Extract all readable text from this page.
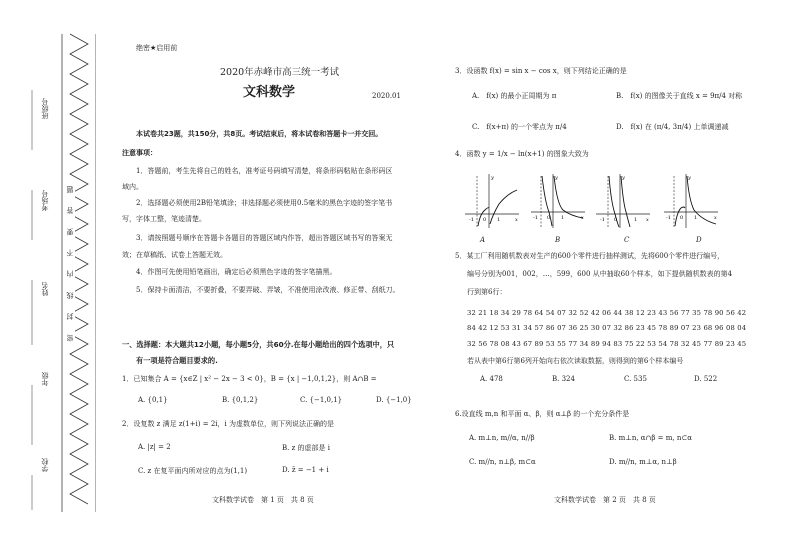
班级号
考场号
姓名
年级
学校
密 封 线 内 不 要 答 题
绝密★启用前
2020年赤峰市高三统一考试
文科数学	2020.01
本试卷共23题，共150分，共8页。考试结束后，将本试卷和答题卡一并交回。
注意事项：
1．答题前，考生先将自己的姓名，准考证号码填写清楚，将条形码粘贴在条形码区
域内。
2．选择题必须使用2B铅笔填涂；非选择题必须使用0.5毫米的黑色字迹的签字笔书
写，字体工整，笔迹清楚。
3．请按照题号顺序在答题卡各题目的答题区域内作答，超出答题区域书写的答案无
效；在草稿纸、试卷上答题无效。
4．作图可先使用铅笔画出，确定后必须黑色字迹的签字笔描黑。
5．保持卡面清洁，不要折叠，不要弄破、弄皱，不准使用涂改液、修正带、刮纸刀。
一、选择题：本大题共12小题，每小题5分，共60分.在每小题给出的四个选项中，只
有一项是符合题目要求的.
1．已知集合 A = {x∈Z | x² − 2x − 3 < 0}，B = {x | −1,0,1,2}，则 A∩B =
A. {0,1}	B. {0,1,2}	C. {−1,0,1}	D. {−1,0}
2．设复数 z 满足 z(1+i) = 2i，i 为虚数单位，则下列说法正确的是
A. |z| = 2	B. z 的虚部是 i
C. z 在复平面内所对应的点为(1,1)	D. z̄ = −1 + i
文科数学试卷　第 1 页　共 8 页
3．设函数 f(x) = sin x − cos x，则下列结论正确的是
A.　f(x) 的最小正周期为 π	B.　f(x) 的图像关于直线 x = 9π/4 对称
C.　f(x+π) 的一个零点为 π/4	D.　f(x) 在 (π/4, 3π/4) 上单调递减
4．函数 y = 1/x − ln(x+1) 的图象大致为
-1 0 1	x
y
-1 0 1	x
y
-1 0	1 x
y
-1 0 1	x
y
A	B	C	D
5．某工厂利用随机数表对生产的600个零件进行抽样测试，先将600个零件进行编号，
编号分别为001，002，…，599，600 从中抽取60个样本，如下提供随机数表的第4
行到第6行：
32 21 18 34 29 78 64 54 07 32 52 42 06 44 38 12 23 43 56 77 35 78 90 56 42
84 42 12 53 31 34 57 86 07 36 25 30 07 32 86 23 45 78 89 07 23 68 96 08 04
32 56 78 08 43 67 89 53 55 77 34 89 94 83 75 22 53 54 78 32 45 77 89 23 45
若从表中第6行第6列开始向右依次读取数据，则得到的第6个样本编号
A. 478	B. 324	C. 535	D. 522
6.设直线 m,n 和平面 α、β，则 α⊥β 的一个充分条件是
A. m⊥n, m//α, n//β	B. m⊥n, α∩β = m, n⊂α
C. m//n, n⊥β, m⊂α	D. m//n, m⊥α, n⊥β
文科数学试卷　第 2 页　共 8 页
